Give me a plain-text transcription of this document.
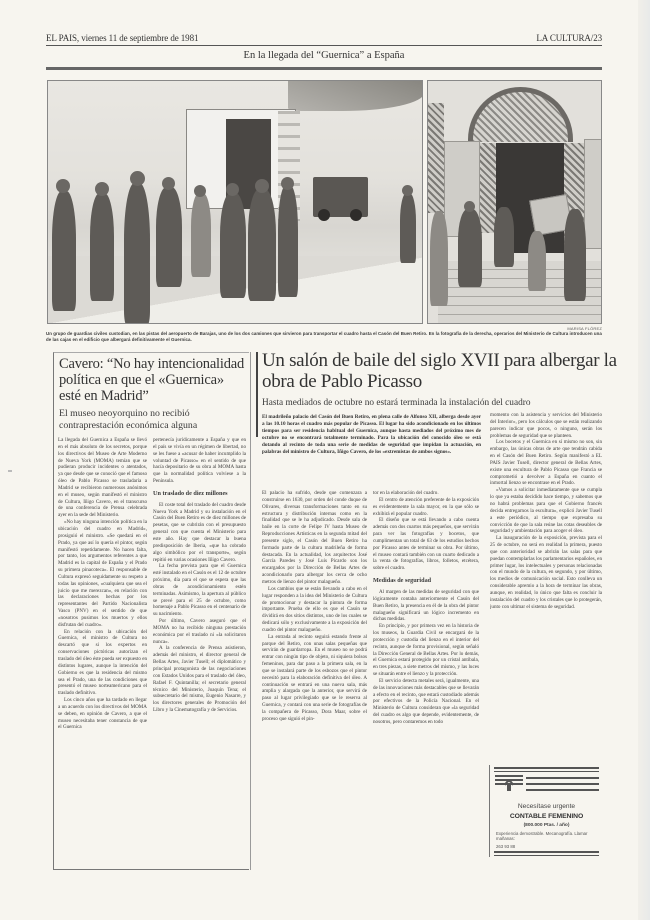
EL PAIS, viernes 11 de septiembre de 1981	LA CULTURA/23
En la llegada del “Guernica” a España
MARISA FLÓREZ
Un grupo de guardias civiles custodian, en las pistas del aeropuerto de Barajas, uno de los dos camiones que sirvieron para transportar el cuadro hasta el Casón del Buen Retiro. En la fotografía de la derecha, operarios del Ministerio de Cultura introducen una de las cajas en el edificio que albergará definitivamente el Guernica.
Cavero: “No hay intencionalidad política en que el «Guernica» esté en Madrid”
El museo neoyorquino no recibió contraprestación económica alguna

La llegada del Guernica a España se llevó en el más absoluto de los secretos, porque los directivos del Museo de Arte Moderno de Nueva York (MOMA) temían que se pudieran producir incidentes o atentados, ya que desde que se conoció que el famoso óleo de Pablo Picasso se trasladaría a Madrid se recibieron numerosos anónimos en el museo, según manifestó el ministro de Cultura, Iñigo Cavero, en el transcurso de una conferencia de Prensa celebrada ayer en la sede del Ministerio.

«No hay ninguna intención política en la ubicación del cuadro en Madrid», prosiguió el ministro. «Se quedará en el Prado, ya que así lo quería el pintor, según manifestó repetidamente. No hacen falta, por tanto, los argumentos referentes a que Madrid es la capital de España y el Prado su primera pinacoteca». El responsable de Cultura expresó seguidamente su respeto a todas las opiniones, «cualquiera que sea el juicio que me merezcan», en relación con las declaraciones hechas por los representantes del Partido Nacionalista Vasco (PNV) en el sentido de que «nosotros pusimos los muertos y ellos disfrutan del cuadro».

En relación con la ubicación del Guernica, el ministro de Cultura no descartó que si los expertos en conservaciones pictóricas autorizan el traslado del óleo éste pueda ser expuesto en distintos lugares, aunque la intención del Gobierno es que la residencia del mismo sea el Prado, una de las condiciones que presentó el museo norteamericano para el traslado definitivo.

Los cinco años que ha tardado en llegar a un acuerdo con los directivos del MOMA se deben, en opinión de Cavero, a que el museo necesitaba tener constancia de que el Guernica

pertenecía jurídicamente a España y que en el país se vivía en un régimen de libertad, no se les fuese a «acusar de haber incumplido la voluntad de Picasso» en el sentido de que hacía depositario de su obra al MOMA hasta que la normalidad política volviese a la Península.

Un traslado de diez millones

El coste total del traslado del cuadro desde Nueva York a Madrid y su instalación en el Casón del Buen Retiro es de diez millones de pesetas, que se cubrirán con el presupuesto general con que cuenta el Ministerio para este año. Hay que destacar la buena predisposición de Iberia, «que ha cobrado algo simbólico por el transporte», según repitió en varias ocasiones Iñigo Cavero.

La fecha prevista para que el Guernica esté instalado en el Casón es el 12 de octubre próximo, día para el que se espera que las obras de acondicionamiento estén terminadas. Asimismo, la apertura al público se prevé para el 25 de octubre, como homenaje a Pablo Picasso en el centenario de su nacimiento.

Por último, Cavero aseguró que el MOMA no ha recibido ninguna prestación económica por el traslado ni «la solicitaron nunca».

A la conferencia de Prensa asistieron, además del ministro, el director general de Bellas Artes, Javier Tusell; el diplomático y principal protagonista de las negociaciones con Estados Unidos para el traslado del óleo, Rafael F. Quintanilla; el secretario general técnico del Ministerio, Joaquín Tena; el subsecretario del mismo, Eugenio Nasarre, y los directores generales de Promoción del Libro y la Cinematografía y de Servicios.

Un salón de baile del siglo XVII para albergar la obra de Pablo Picasso
Hasta mediados de octubre no estará terminada la instalación del cuadro
El madrileño palacio del Casón del Buen Retiro, en plena calle de Alfonso XII, alberga desde ayer a las 10.10 horas el cuadro más popular de Picasso. El lugar ha sido acondicionado en los últimos tiempos para ser residencia habitual del Guernica, aunque hasta mediados del próximo mes de octubre no se encontrará totalmente terminado. Para la ubicación del conocido óleo se está dotando al recinto de toda una serie de medidas de seguridad que impidan la actuación, en palabras del ministro de Cultura, Iñigo Cavero, de los «extremistas de ambos signos».

El palacio ha sufrido, desde que comenzara a construirse en 1630, por orden del conde duque de Olivares, diversas transformaciones tanto en su estructura y distribución internas como en la finalidad que se le ha adjudicado. Desde sala de baile en la corte de Felipe IV hasta Museo de Reproducciones Artísticas en la segunda mitad del presente siglo, el Casón del Buen Retiro ha formado parte de la cultura madrileña de forma destacada. En la actualidad, los arquitectos José García Paredes y José Luis Picardo son los encargados por la Dirección de Bellas Artes de acondicionarlo para albergar los cerca de ocho metros de lienzo del pintor malagueño.

Los cambios que se están llevando a cabo en el lugar responden a la idea del Ministerio de Cultura de promocionar y destacar la pintura de forma importante. Prueba de ello es que el Casón se dividirá en dos sitios distintos, uno de los cuales se dedicará sólo y exclusivamente a la exposición del cuadro del pintor malagueño.

La entrada al recinto seguirá estando frente al parque del Retiro, con unas salas pequeñas que servirán de guardarropa. En el museo no se podrá entrar con ningún tipo de objeto, ni siquiera bolsos femeninos, para dar paso a la primera sala, en la que se instalará parte de los esbozos que el pintor necesitó para la elaboración definitiva del óleo. A continuación se entrará en una nueva sala, más amplia y alargada que la anterior, que servirá de paso al lugar privilegiado que se le reserva al Guernica, y contará con una serie de fotografías de la compañera de Picasso, Dora Maar, sobre el proceso que siguió el pin-

tor en la elaboración del cuadro.

El centro de atención preferente de la exposición es evidentemente la sala mayor, en la que sólo se exhibirá el popular cuadro.

El diseño que se está llevando a cabo cuenta además con dos cuartos más pequeños, que servirán para ver las fotografías y bocetos, que cumplimentan un total de 63 de los estudios hechos por Picasso antes de terminar su obra. Por último, el museo contará también con un cuarto dedicado a la venta de fotografías, libros, folletos, etcétera, sobre el cuadro.

Medidas de seguridad

Al margen de las medidas de seguridad con que lógicamente contaba anteriormente el Casón del Buen Retiro, la presencia en él de la obra del pintor malagueño significará un lógico incremento en dichas medidas.

En principio, y por primera vez en la historia de los museos, la Guardia Civil se encargará de la protección y custodia del lienzo en el interior del recinto, aunque de forma provisional, según señaló la Dirección General de Bellas Artes. Por lo demás, el Guernica estará protegido por un cristal antibala, en tres piezas, a siete metros del mismo, y las luces se situarán entre el lienzo y la protección.

El servicio detecta metales será, igualmente, una de las innovaciones más destacables que se llevarán a efecto en el recinto, que estará custodiado además por efectivos de la Policía Nacional. En el Ministerio de Cultura consideran que «la seguridad del cuadro es algo que depende, evidentemente, de nosotros, pero contaremos en todo

momento con la asistencia y servicios del Ministerio del Interior», pero los cálculos que se están realizando parecen indicar que pocos, o ninguno, serán los problemas de seguridad que se planteen.

Los bocetos y el Guernica en sí mismo no son, sin embargo, las únicas obras de arte que tendrán cabida en el Casón del Buen Retiro. Según manifestó a EL PAIS Javier Tusell, director general de Bellas Artes, existe una escultura de Pablo Picasso que Francia se comprometió a devolver a España en cuanto el inmortal lienzo se encontrase en el Prado.

«Vamos a solicitar inmediatamente que se cumpla lo que ya estaba decidido hace tiempo, y sabemos que no habrá problemas para que el Gobierno francés decida entregarnos la escultura», explicó Javier Tusell a este periódico, al tiempo que expresaba su convicción de que la sala reúne las cotas deseables de seguridad y ambientación para acoger el óleo.

La inauguración de la exposición, prevista para el 25 de octubre, no será en realidad la primera, puesto que con anterioridad se abrirán las salas para que puedan contemplarlas los parlamentarios españoles, en primer lugar, los intelectuales y personas relacionadas con el mundo de la cultura, en segundo, y por último, los medios de comunicación social. Esto conlleva un considerable apremio a la hora de terminar las obras, aunque, en realidad, lo único que falta es concluir la instalación del cuadro y los cristales que lo protegerán, junto con ultimar el sistema de seguridad.

Necesítase urgente
CONTABLE FEMENINO
(800.000 Ptas. / año)
Experiencia demostrable. Mecanografía. Llamar mañanas:
263 93 88
